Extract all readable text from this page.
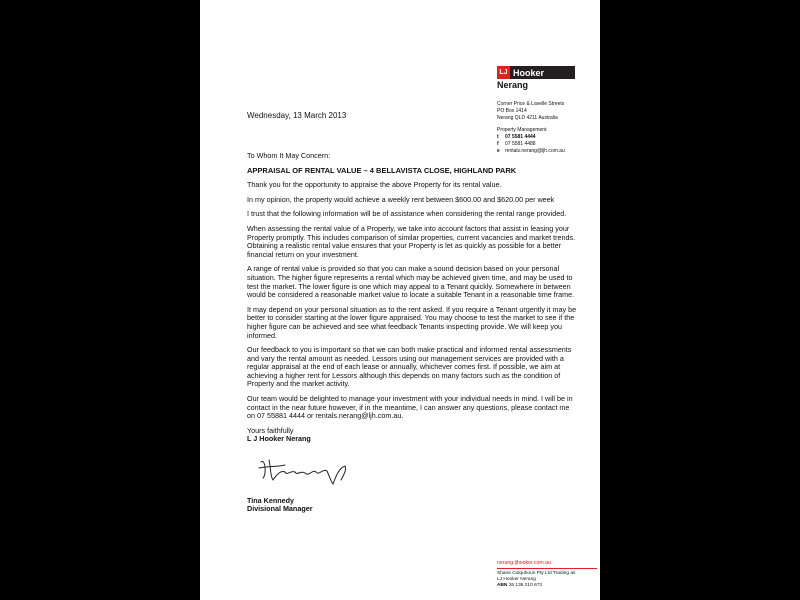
LJ Hooker
Nerang
Corner Price & Lavelle Streets
PO Box 1414
Nerang QLD 4211 Australia
Property Management
t	07 5581 4444
f	07 5581 4488
e rentals.nerang@ljh.com.au
Wednesday, 13 March 2013

To Whom It May Concern:

APPRAISAL OF RENTAL VALUE – 4 BELLAVISTA CLOSE, HIGHLAND PARK

Thank you for the opportunity to appraise the above Property for its rental value.

In my opinion, the property would achieve a weekly rent between $600.00 and $620.00 per week

I trust that the following information will be of assistance when considering the rental range provided.

When assessing the rental value of a Property, we take into account factors that assist in leasing your Property promptly. This includes comparison of similar properties, current vacancies and market trends. Obtaining a realistic rental value ensures that your Property is let as quickly as possible for a better financial return on your investment.

A range of rental value is provided so that you can make a sound decision based on your personal situation. The higher figure represents a rental which may be achieved given time, and may be used to test the market. The lower figure is one which may appeal to a Tenant quickly. Somewhere in between would be considered a reasonable market value to locate a suitable Tenant in a reasonable time frame.

It may depend on your personal situation as to the rent asked. If you require a Tenant urgently it may be better to consider starting at the lower figure appraised. You may choose to test the market to see if the higher figure can be achieved and see what feedback Tenants inspecting provide. We will keep you informed.

Our feedback to you is important so that we can both make practical and informed rental assessments and vary the rental amount as needed. Lessors using our management services are provided with a regular appraisal at the end of each lease or annually, whichever comes first. If possible, we aim at achieving a higher rent for Lessors although this depends on many factors such as the condition of Property and the market activity.

Our team would be delighted to manage your investment with your individual needs in mind. I will be in contact in the near future however, if in the meantime, I can answer any questions, please contact me on 07 55881 4444 or rentals.nerang@ljh.com.au.

Yours faithfully
L J Hooker Nerang
Tina Kennedy
Divisional Manager
nerang.ljhooker.com.au
Shane Colquhoun Pty Ltd Trading as
LJ Hooker Nerang
ABN 26 136 210 673
